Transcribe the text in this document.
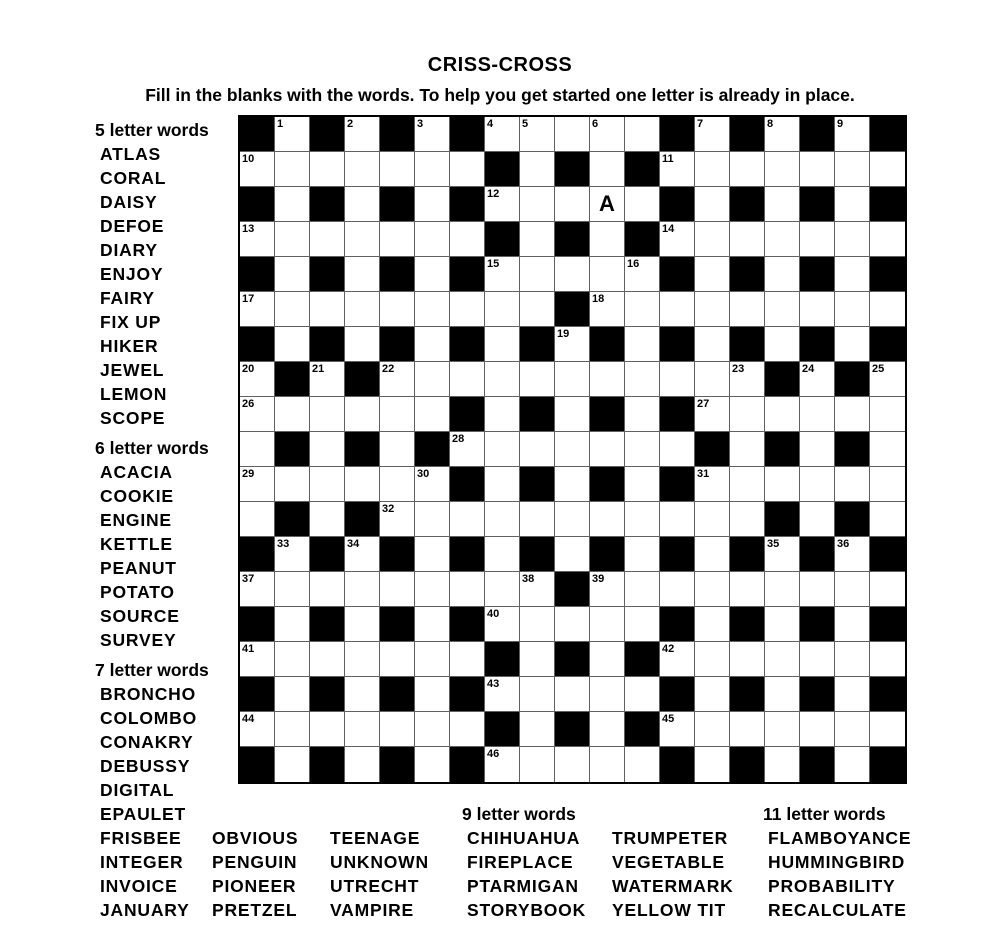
CRISS-CROSS
Fill in the blanks with the words. To help you get started one letter is already in place.
5 letter words
ATLAS
CORAL
DAISY
DEFOE
DIARY
ENJOY
FAIRY
FIX UP
HIKER
JEWEL
LEMON
SCOPE
6 letter words
ACACIA
COOKIE
ENGINE
KETTLE
PEANUT
POTATO
SOURCE
SURVEY
7 letter words
BRONCHO
COLOMBO
CONAKRY
DEBUSSY
DIGITAL
EPAULET
FRISBEE
INTEGER
INVOICE
JANUARY
1	2	3	4	5	6	7	8	9
10	11
12	A
13	14
15	16
17	18
19
20	21	22	23	24	25
26	27
28
29	30	31
32
33	34	35	36
37	38	39
40
41	42
43
44	45
46
OBVIOUS
PENGUIN
PIONEER
PRETZEL
TEENAGE
UNKNOWN
UTRECHT
VAMPIRE
9 letter words
CHIHUAHUA
FIREPLACE
PTARMIGAN
STORYBOOK
TRUMPETER
VEGETABLE
WATERMARK
YELLOW TIT
11 letter words
FLAMBOYANCE
HUMMINGBIRD
PROBABILITY
RECALCULATE
